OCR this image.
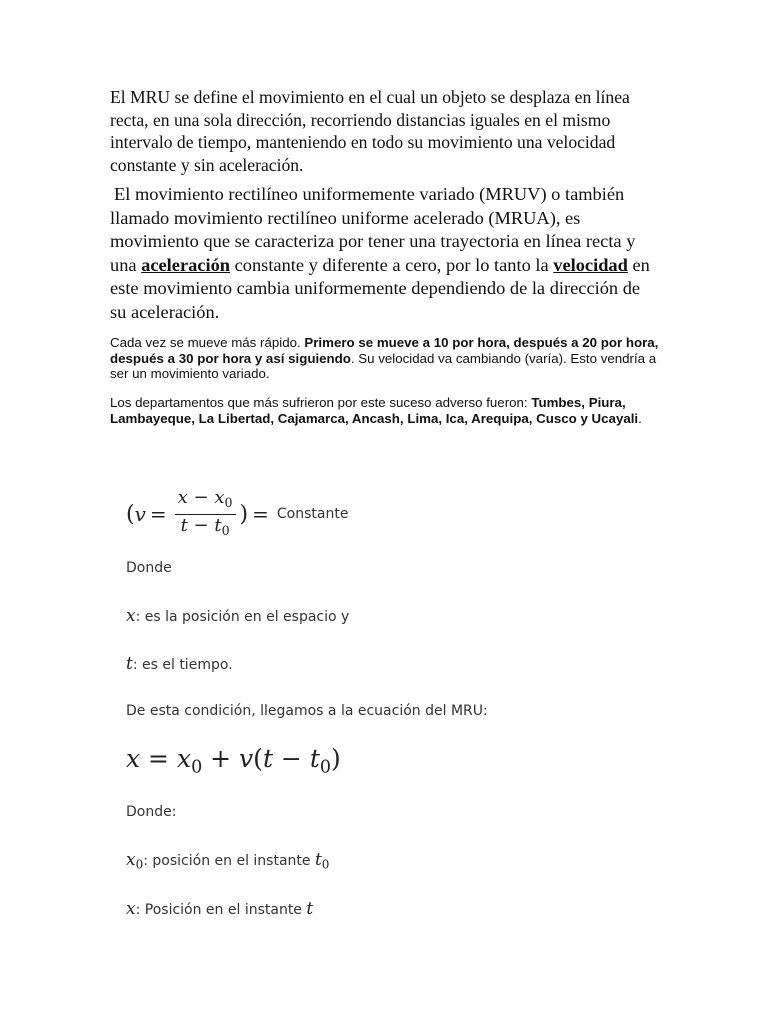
El MRU se define el movimiento en el cual un objeto se desplaza en línea recta, en una sola dirección, recorriendo distancias iguales en el mismo intervalo de tiempo, manteniendo en todo su movimiento una velocidad constante y sin aceleración.

El movimiento rectilíneo uniformemente variado (MRUV) o también llamado movimiento rectilíneo uniforme acelerado (MRUA), es movimiento que se caracteriza por tener una trayectoria en línea recta y una aceleración constante y diferente a cero, por lo tanto la velocidad en este movimiento cambia uniformemente dependiendo de la dirección de su aceleración.

Cada vez se mueve más rápido. Primero se mueve a 10 por hora, después a 20 por hora, después a 30 por hora y así siguiendo. Su velocidad va cambiando (varía). Esto vendría a ser un movimiento variado.

Los departamentos que más sufrieron por este suceso adverso fueron: Tumbes, Piura, Lambayeque, La Libertad, Cajamarca, Ancash, Lima, Ica, Arequipa, Cusco y Ucayali.

( $v = \frac{x - x_0}{t - t_0}$ ) = Constante
Donde
x: es la posición en el espacio y
t: es el tiempo.
De esta condición, llegamos a la ecuación del MRU:
$x = x_0 + v(t - t_0)$
Donde:
x0: posición en el instante t0
x: Posición en el instante t
